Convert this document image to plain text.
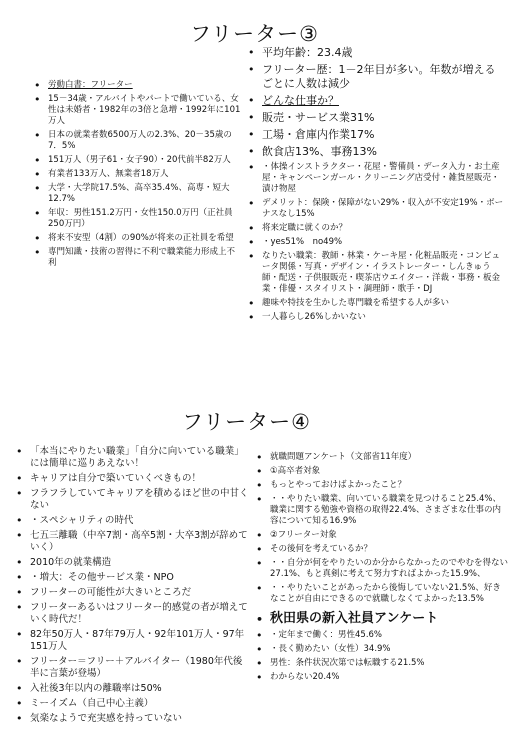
フリーター③
• 労動白書：フリーター
• 15－34歳・アルバイトやパートで働いている、女性は未婚者・1982年の3倍と急増・1992年に101万人
• 日本の就業者数6500万人の2.3%、20－35歳の7．5%
• 151万人（男子61・女子90）・20代前半82万人
• 有業者133万人、無業者18万人
• 大学・大学院17.5%、高卒35.4%、高専・短大12.7%
• 年収：男性151.2万円・女性150.0万円（正社員250万円）
• 将来不安型（4割）の90%が将来の正社員を希望
• 専門知識・技術の習得に不利で職業能力形成上不利
• 平均年齢：23.4歳
• フリーター歴：1－2年目が多い。年数が増えるごとに人数は減少
• どんな仕事か？
• 販売・サービス業31%
• 工場・倉庫内作業17%
• 飲食店13%、事務13%
• ・体操インストラクター・花屋・警備員・データ入力・お土産屋・キャンペーンガール・クリーニング店受付・雑貨屋販売・漬け物屋
• デメリット：保険・保障がない29%・収入が不安定19%・ボーナスなし15%
• 将来定職に就くのか？
• ・yes51%　no49%
• なりたい職業：教師・林業・ケーキ屋・化粧品販売・コンピュータ関係・写真・デザイン・イラストレーター・しんきゅう師・配送・子供服販売・喫茶店ウエイター・洋裁・事務・板金業・俳優・スタイリスト・調理師・歌手・DJ
• 趣味や特技を生かした専門職を希望する人が多い
• 一人暮らし26%しかいない
フリーター④
• 「本当にやりたい職業」「自分に向いている職業」には簡単に巡りあえない！
• キャリアは自分で築いていくべきもの！
• フラフラしていてキャリアを積めるほど世の中甘くない
• ・スペシャリティの時代
• 七五三離職（中卒7割・高卒5割・大卒3割が辞めていく）
• 2010年の就業構造
• ・増大：その他サービス業・NPO
• フリーターの可能性が大きいところだ
• フリーターあるいはフリーター的感覚の者が増えていく時代だ！
• 82年50万人・87年79万人・92年101万人・97年151万人
• フリーター＝フリー＋アルバイター（1980年代後半に言葉が登場）
• 入社後3年以内の離職率は50%
• ミーイズム（自己中心主義）
• 気楽なようで充実感を持っていない
• 就職問題アンケート（文部省11年度）
• ①高卒者対象
• もっとやっておけばよかったこと？
• ・・やりたい職業、向いている職業を見つけること25.4%、職業に関する勉強や資格の取得22.4%、さまざまな仕事の内容について知る16.9%
• ②フリーター対象
• その後何を考えているか？
• ・・自分が何をやりたいのか分からなかったのでやむを得ない27.1%、もと真剣に考えて努力すればよかった15.9%、
• ・・やりたいことがあったから後悔していない21.5%、好きなことが自由にできるので就職しなくてよかった13.5%
• 秋田県の新入社員アンケート
• ・定年まで働く：男性45.6%
• ・長く勤めたい（女性）34.9%
• 男性：条件状況次第では転職する21.5%
• わからない20.4%
